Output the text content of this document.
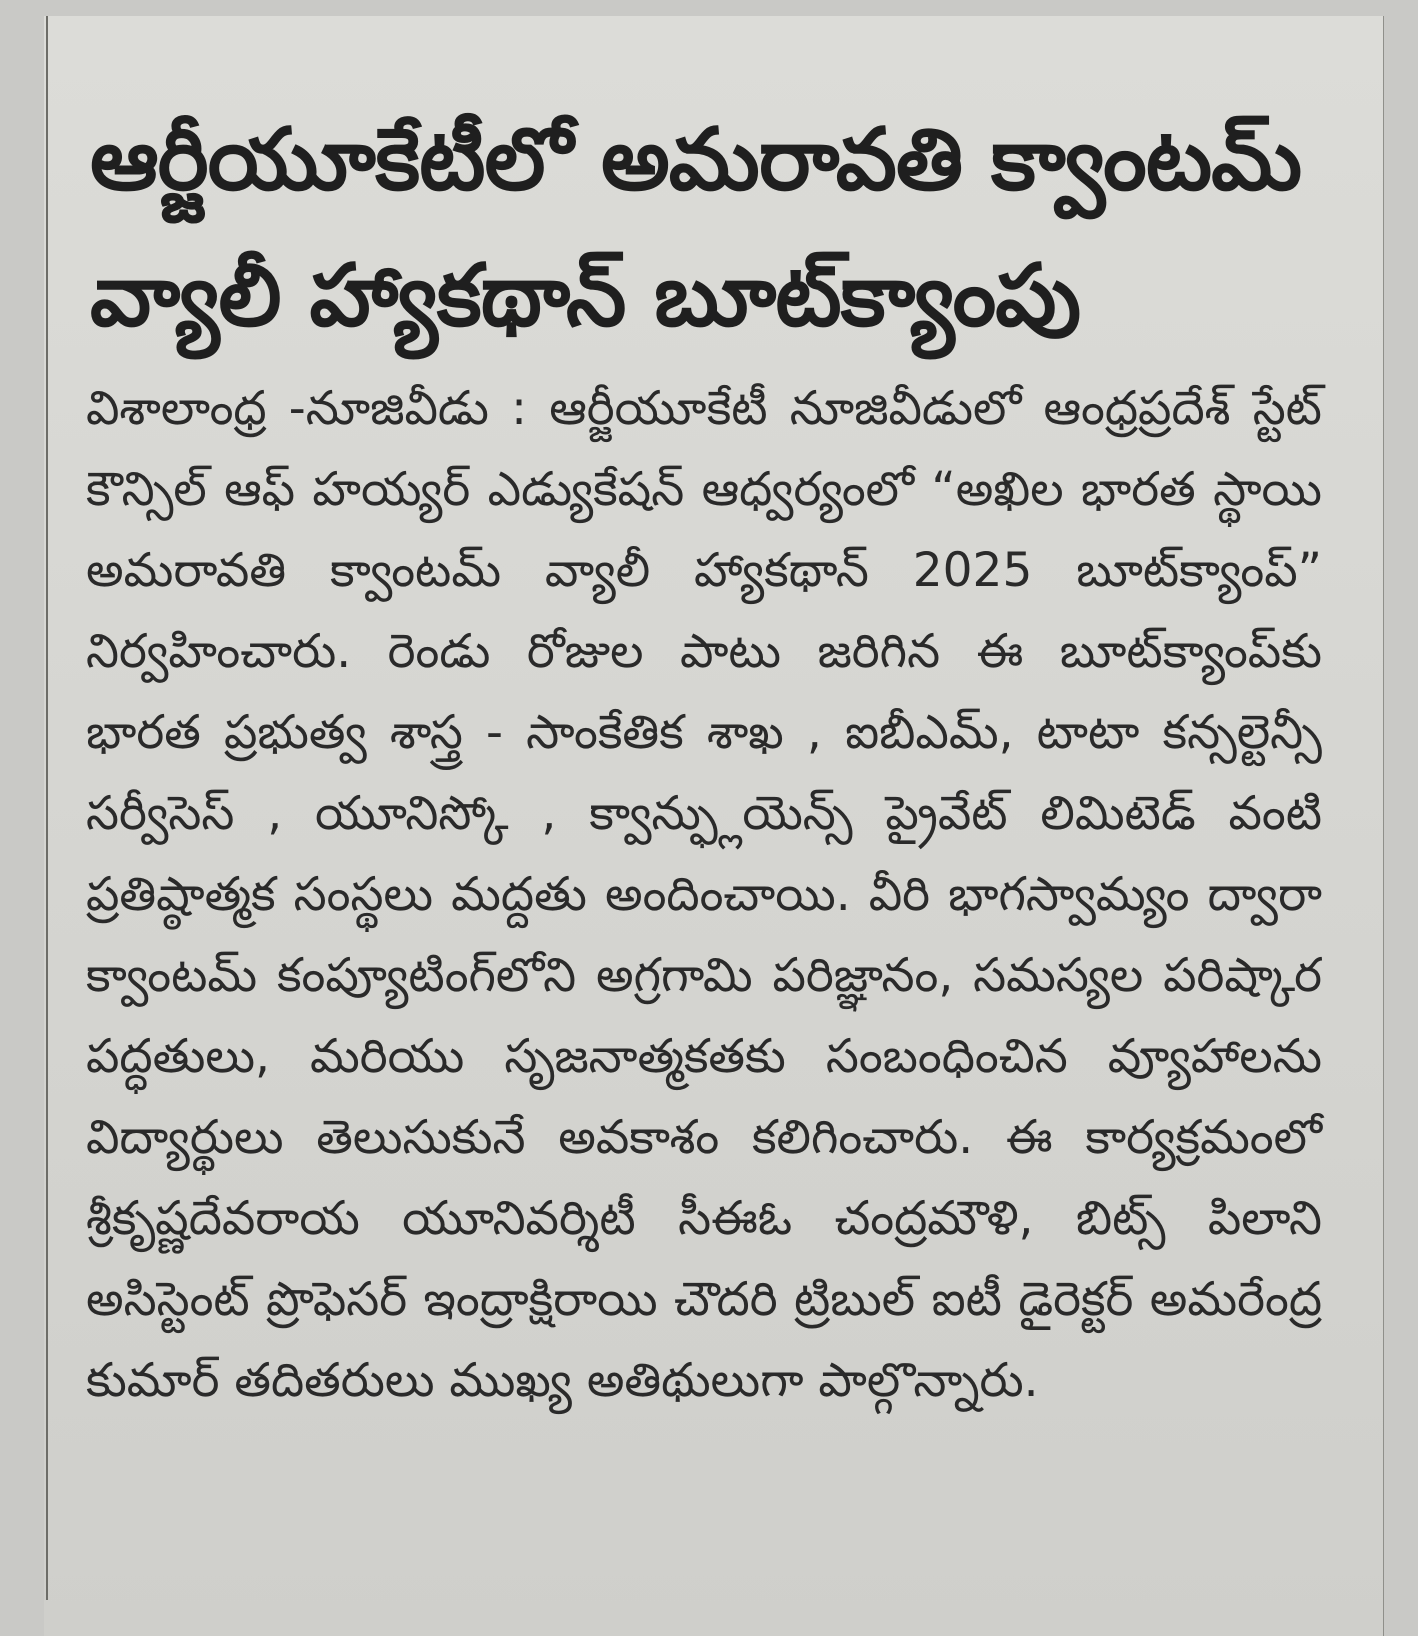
ఆర్జీయూకేటీలో అమరావతి క్వాంటమ్
వ్యాలీ హ్యాకథాన్ బూట్‌క్యాంపు

విశాలాంధ్ర -నూజివీడు : ఆర్జీయూకేటీ నూజివీడులో ఆంధ్రప్రదేశ్ స్టేట్ కౌన్సిల్ ఆఫ్ హయ్యర్ ఎడ్యుకేషన్ ఆధ్వర్యంలో “అఖిల భారత స్థాయి అమరావతి క్వాంటమ్ వ్యాలీ హ్యాకథాన్ 2025 బూట్‌క్యాంప్” నిర్వహించారు. రెండు రోజుల పాటు జరిగిన ఈ బూట్‌క్యాంప్‌కు భారత ప్రభుత్వ శాస్త్ర - సాంకేతిక శాఖ , ఐబీఎమ్, టాటా కన్సల్టెన్సీ సర్వీసెస్ , యూనిస్కో , క్వాన్ఫ్లుయెన్స్ ప్రైవేట్ లిమిటెడ్ వంటి ప్రతిష్ఠాత్మక సంస్థలు మద్దతు అందించాయి. వీరి భాగస్వామ్యం ద్వారా క్వాంటమ్ కంప్యూటింగ్‌లోని అగ్రగామి పరిజ్ఞానం, సమస్యల పరిష్కార పద్ధతులు, మరియు సృజనాత్మకతకు సంబంధించిన వ్యూహాలను విద్యార్థులు తెలుసుకునే అవకాశం కలిగించారు. ఈ కార్యక్రమంలో శ్రీకృష్ణదేవరాయ యూనివర్శిటీ సీఈఓ చంద్రమౌళి, బిట్స్ పిలాని అసిస్టెంట్ ప్రొఫెసర్ ఇంద్రాక్షిరాయి చౌదరి ట్రిబుల్ ఐటీ డైరెక్టర్ అమరేంద్ర కుమార్ తదితరులు ముఖ్య అతిథులుగా పాల్గొన్నారు.
